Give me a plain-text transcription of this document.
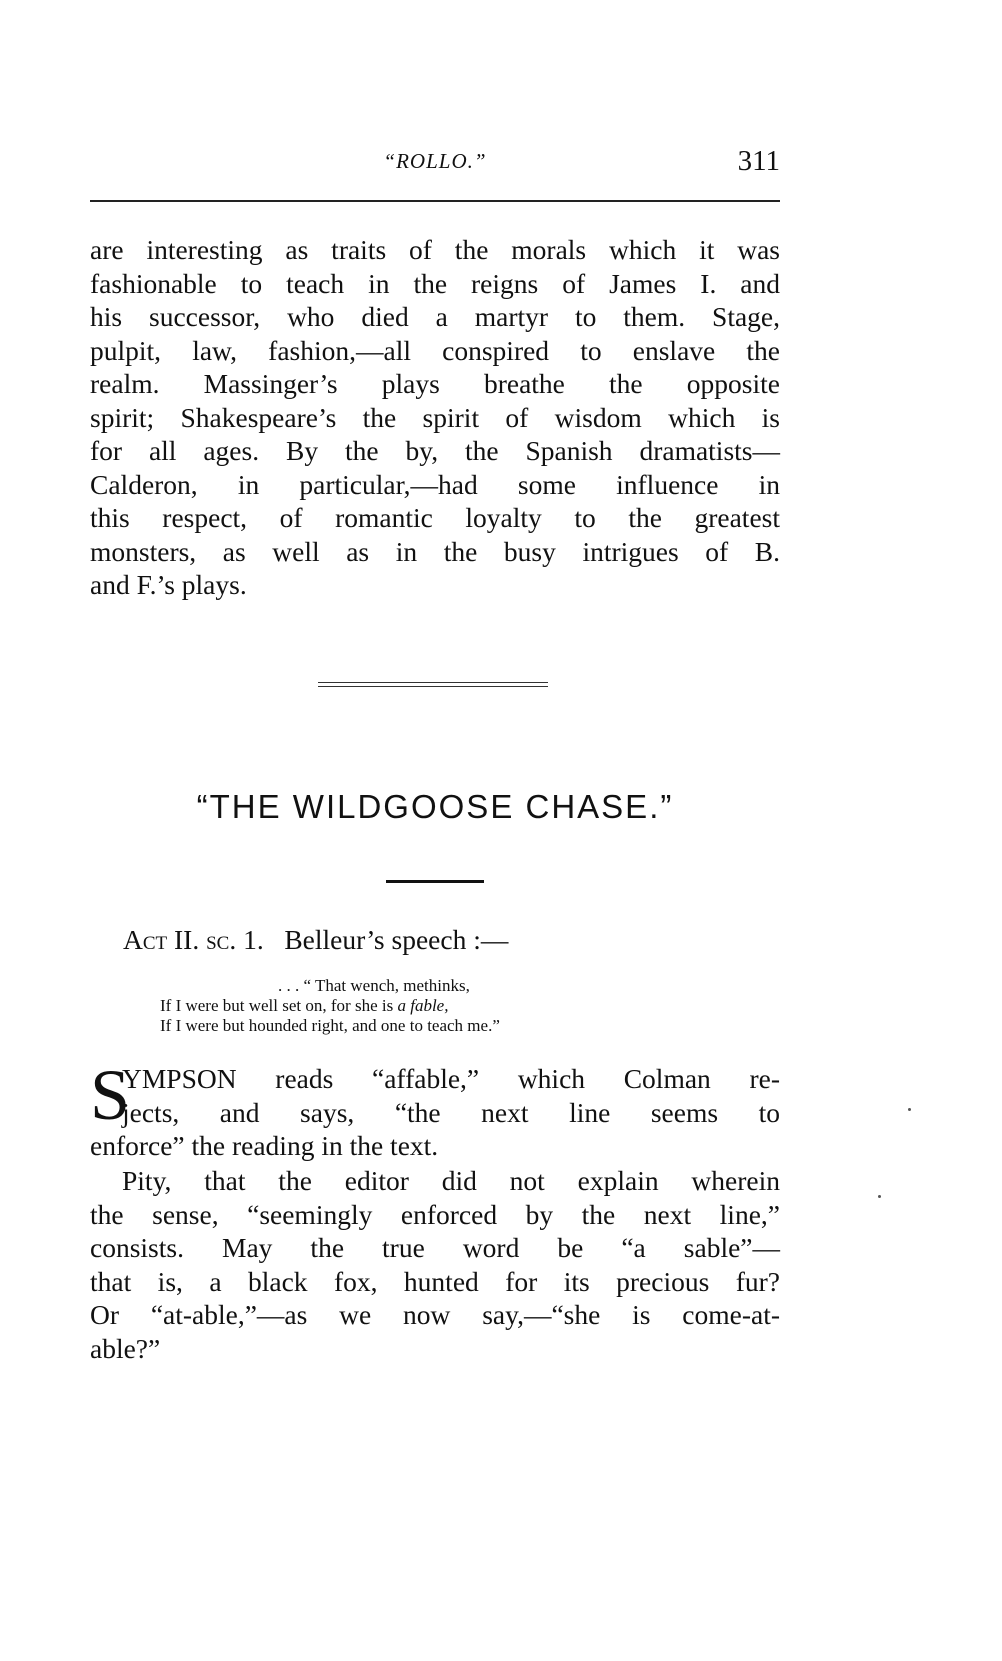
“ROLLO.”	311
are interesting as traits of the morals which it was
fashionable to teach in the reigns of James I. and
his successor, who died a martyr to them. Stage,
pulpit, law, fashion,—all conspired to enslave the
realm. Massinger’s plays breathe the opposite
spirit; Shakespeare’s the spirit of wisdom which is
for all ages. By the by, the Spanish dramatists—
Calderon, in particular,—had some influence in
this respect, of romantic loyalty to the greatest
monsters, as well as in the busy intrigues of B.
and F.’s plays.
“THE WILDGOOSE CHASE.”
Act II. sc. 1. Belleur’s speech :—
. . . “ That wench, methinks,
If I were but well set on, for she is a fable,
If I were but hounded right, and one to teach me.”
S
YMPSON reads “affable,” which Colman re-
jects, and says, “the next line seems to
enforce” the reading in the text.
Pity, that the editor did not explain wherein
the sense, “seemingly enforced by the next line,”
consists. May the true word be “a sable”—
that is, a black fox, hunted for its precious fur?
Or “at-able,”—as we now say,—“she is come-at-
able?”
